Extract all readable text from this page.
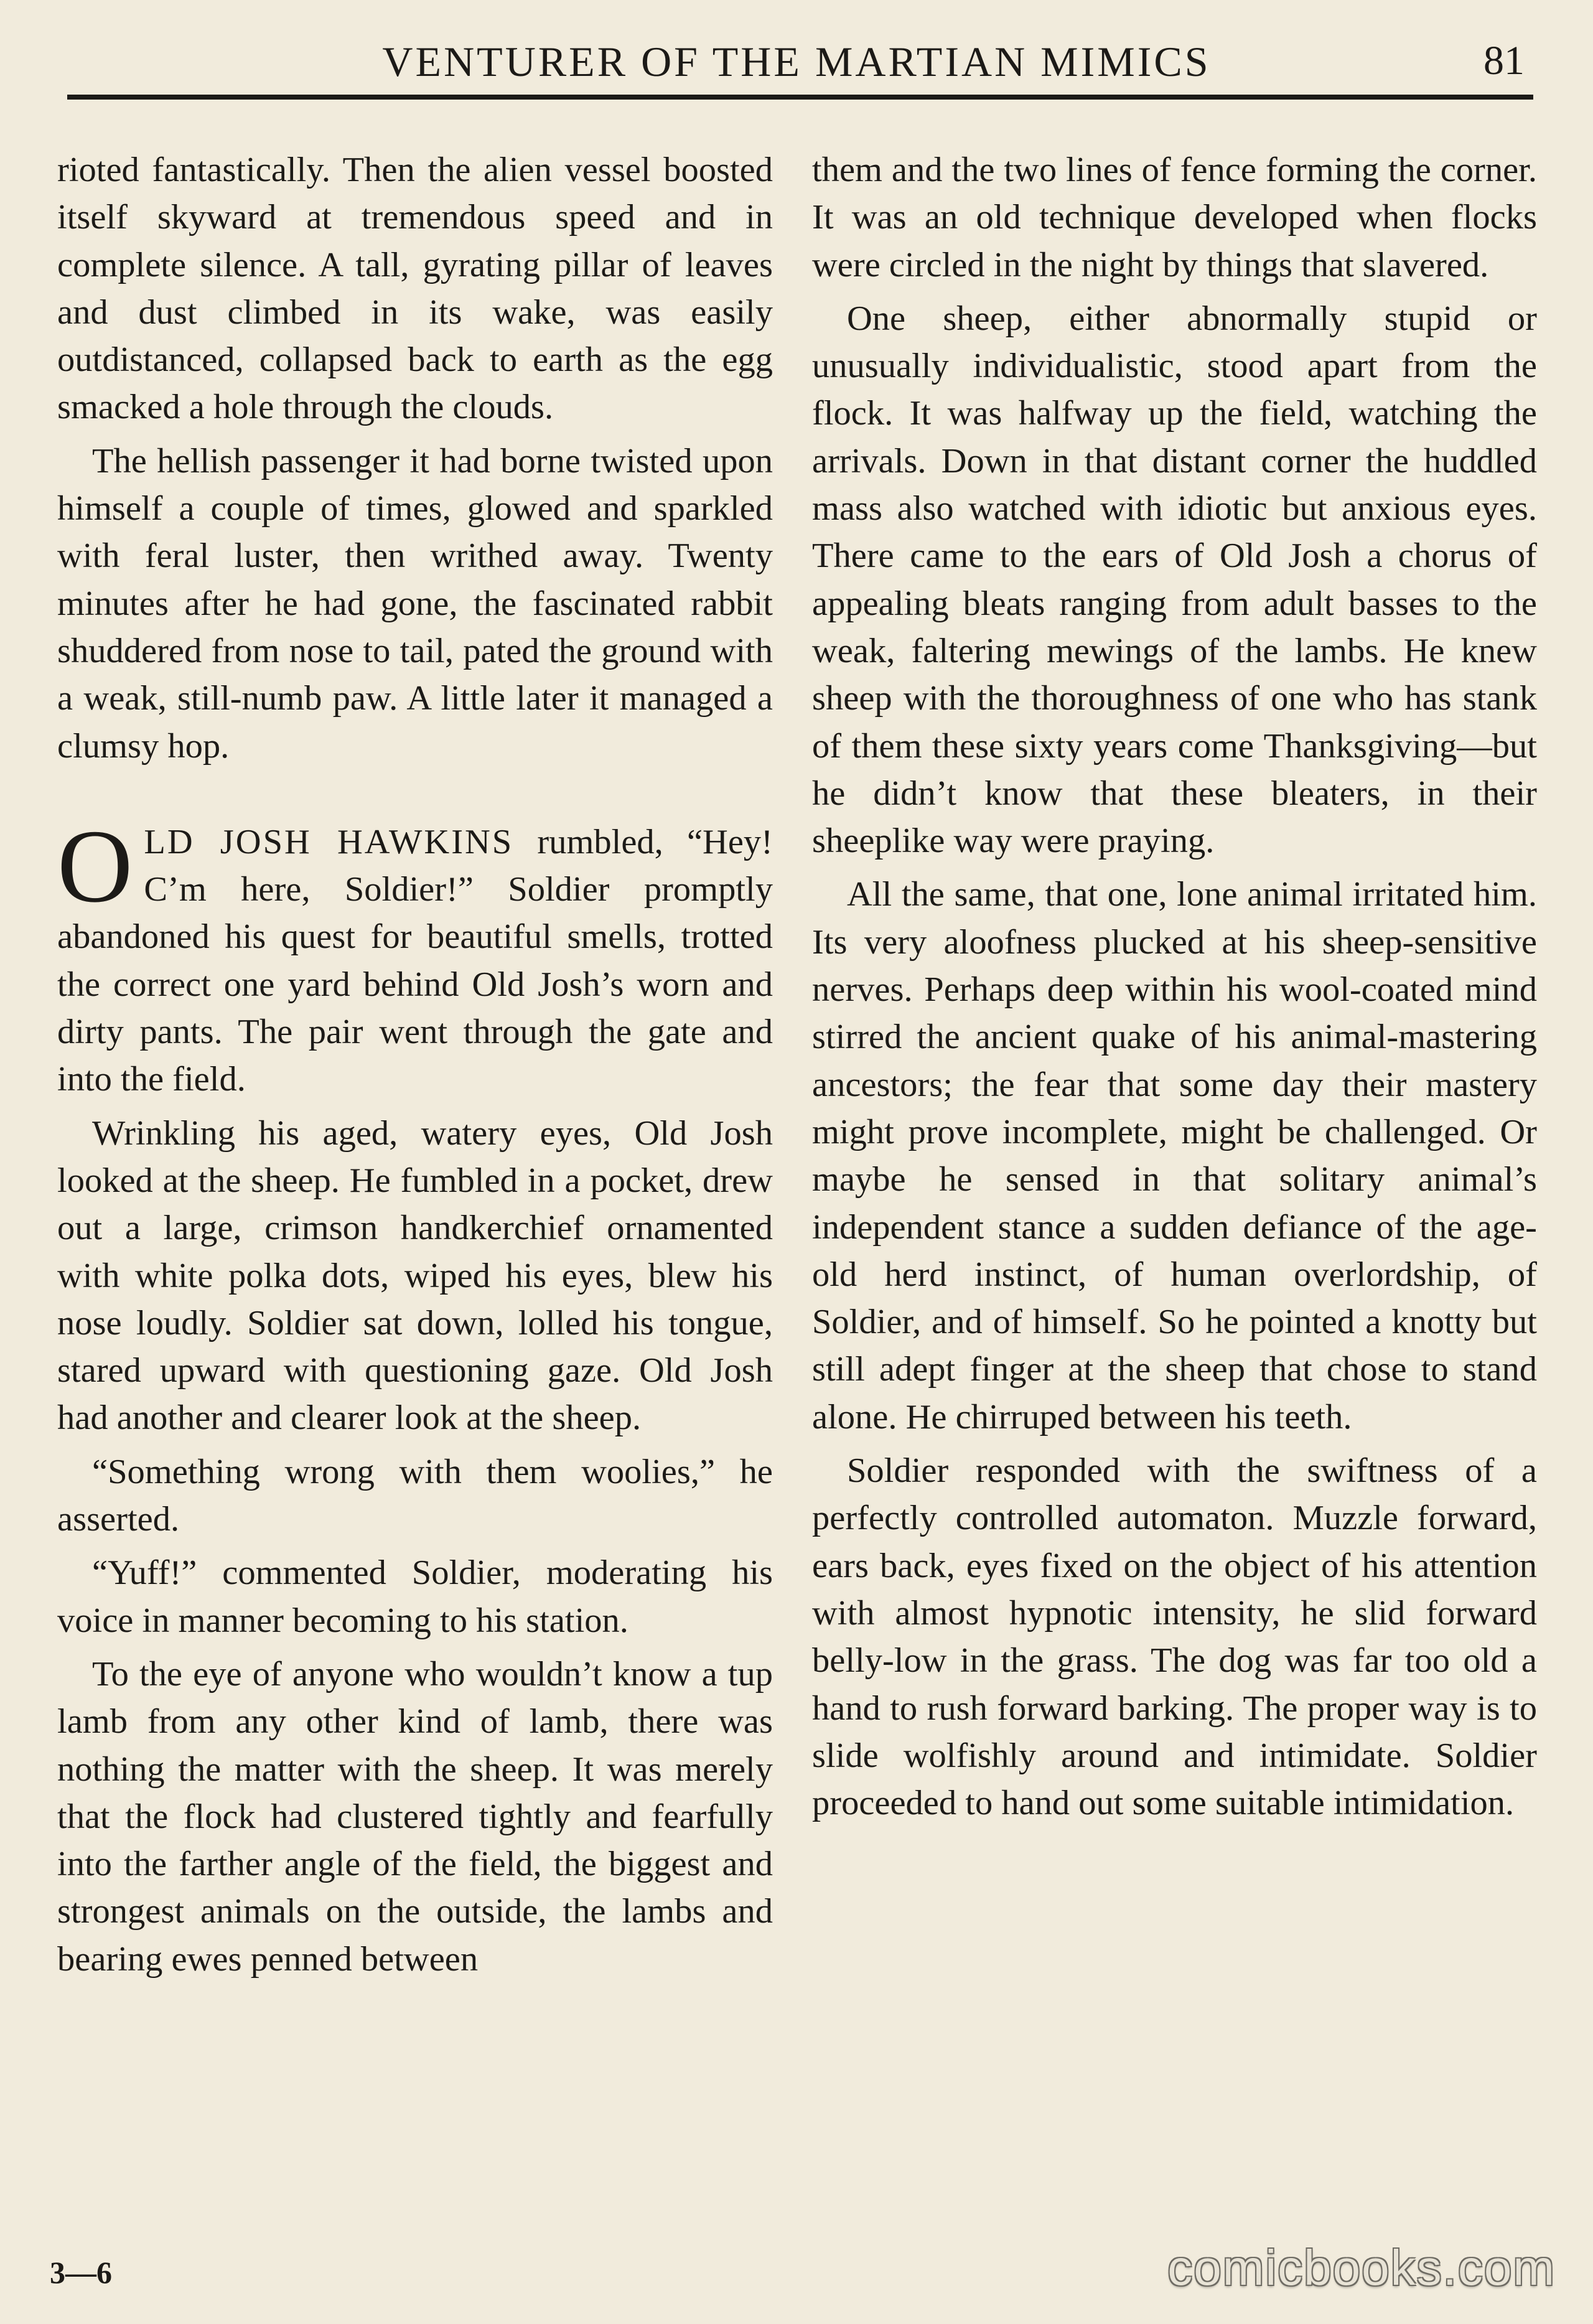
VENTURER OF THE MARTIAN MIMICS	81

rioted fantastically. Then the alien vessel boosted itself skyward at tremendous speed and in complete silence. A tall, gyrating pillar of leaves and dust climbed in its wake, was easily outdistanced, collapsed back to earth as the egg smacked a hole through the clouds.

The hellish passenger it had borne twisted upon himself a couple of times, glowed and sparkled with feral luster, then writhed away. Twenty minutes after he had gone, the fascinated rabbit shuddered from nose to tail, pated the ground with a weak, still-numb paw. A little later it managed a clumsy hop.

OLD JOSH HAWKINS rumbled, “Hey! C’m here, Soldier!” Soldier promptly abandoned his quest for beautiful smells, trotted the correct one yard behind Old Josh’s worn and dirty pants. The pair went through the gate and into the field.

Wrinkling his aged, watery eyes, Old Josh looked at the sheep. He fumbled in a pocket, drew out a large, crimson handkerchief ornamented with white polka dots, wiped his eyes, blew his nose loudly. Soldier sat down, lolled his tongue, stared upward with questioning gaze. Old Josh had another and clearer look at the sheep.

“Something wrong with them woolies,” he asserted.

“Yuff!” commented Soldier, moderating his voice in manner becoming to his station.

To the eye of anyone who wouldn’t know a tup lamb from any other kind of lamb, there was nothing the matter with the sheep. It was merely that the flock had clustered tightly and fearfully into the farther angle of the field, the biggest and strongest animals on the outside, the lambs and bearing ewes penned between

them and the two lines of fence forming the corner. It was an old technique developed when flocks were circled in the night by things that slavered.

One sheep, either abnormally stupid or unusually individualistic, stood apart from the flock. It was halfway up the field, watching the arrivals. Down in that distant corner the huddled mass also watched with idiotic but anxious eyes. There came to the ears of Old Josh a chorus of appealing bleats ranging from adult basses to the weak, faltering mewings of the lambs. He knew sheep with the thoroughness of one who has stank of them these sixty years come Thanksgiving—but he didn’t know that these bleaters, in their sheeplike way were praying.

All the same, that one, lone animal irritated him. Its very aloofness plucked at his sheep-sensitive nerves. Perhaps deep within his wool-coated mind stirred the ancient quake of his animal-mastering ancestors; the fear that some day their mastery might prove incomplete, might be challenged. Or maybe he sensed in that solitary animal’s independent stance a sudden defiance of the age-old herd instinct, of human overlordship, of Soldier, and of himself. So he pointed a knotty but still adept finger at the sheep that chose to stand alone. He chirruped between his teeth.

Soldier responded with the swiftness of a perfectly controlled automaton. Muzzle forward, ears back, eyes fixed on the object of his attention with almost hypnotic intensity, he slid forward belly-low in the grass. The dog was far too old a hand to rush forward barking. The proper way is to slide wolfishly around and intimidate. Soldier proceeded to hand out some suitable intimidation.

3—6	comicbooks.com
